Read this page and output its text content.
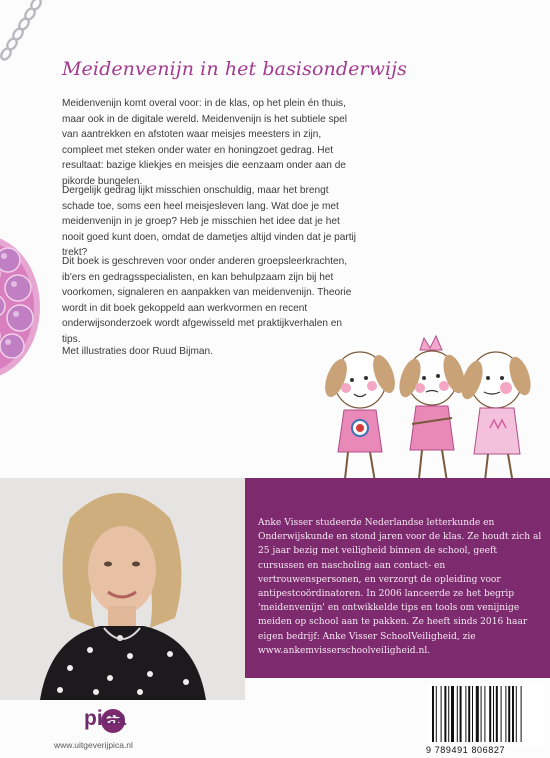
Meidenvenijn in het basisonderwijs

Meidenvenijn komt overal voor: in de klas, op het plein én thuis, maar ook in de digitale wereld. Meidenvenijn is het subtiele spel van aantrekken en afstoten waar meisjes meesters in zijn, compleet met steken onder water en honingzoet gedrag. Het resultaat: bazige kliekjes en meisjes die eenzaam onder aan de pikorde bungelen.

Dergelijk gedrag lijkt misschien onschuldig, maar het brengt schade toe, soms een heel meisjesleven lang. Wat doe je met meidenvenijn in je groep? Heb je misschien het idee dat je het nooit goed kunt doen, omdat de dametjes altijd vinden dat je partij trekt?

Dit boek is geschreven voor onder anderen groepsleerkrachten, ib'ers en gedragsspecialisten, en kan behulpzaam zijn bij het voorkomen, signaleren en aanpakken van meidenvenijn. Theorie wordt in dit boek gekoppeld aan werkvormen en recent onderwijsonderzoek wordt afgewisseld met praktijkverhalen en tips.

Met illustraties door Ruud Bijman.

Anke Visser studeerde Nederlandse letterkunde en Onderwijskunde en stond jaren voor de klas. Ze houdt zich al 25 jaar bezig met veiligheid binnen de school, geeft cursussen en nascholing aan contact- en vertrouwenspersonen, en verzorgt de opleiding voor antipestcoördinatoren. In 2006 lanceerde ze het begrip 'meidenvenijn' en ontwikkelde tips en tools om venijnige meiden op school aan te pakken. Ze heeft sinds 2016 haar eigen bedrijf: Anke Visser SchoolVeiligheid, zie www.ankemvisserschoolveiligheid.nl.

pica
www.uitgeverijpica.nl	9 789491 806827
